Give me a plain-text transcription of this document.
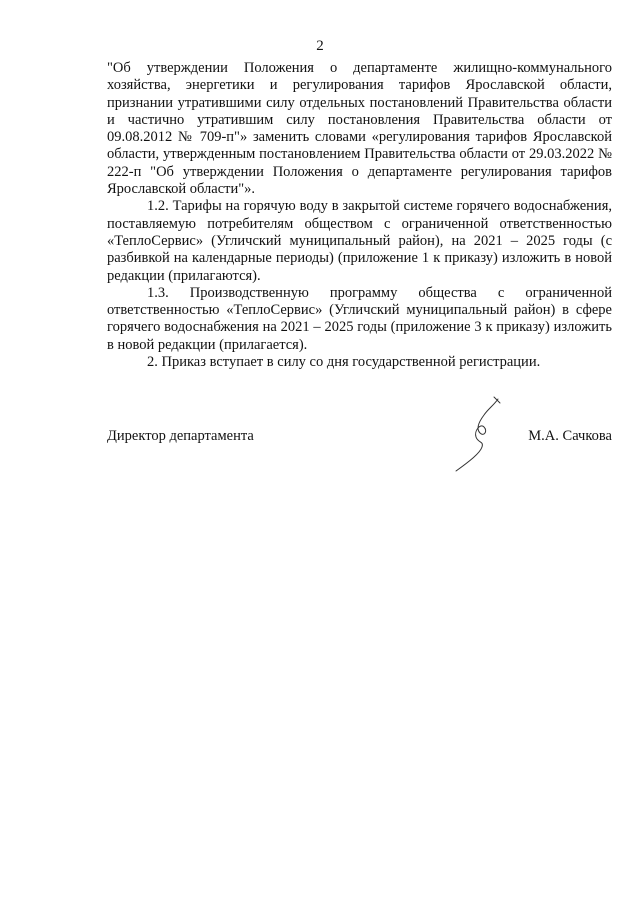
2

"Об утверждении Положения о департаменте жилищно-коммунального хозяйства, энергетики и регулирования тарифов Ярославской области, признании утратившими силу отдельных постановлений Правительства области и частично утратившим силу постановления Правительства области от 09.08.2012 № 709-п"» заменить словами «регулирования тарифов Ярославской области, утвержденным постановлением Правительства области от 29.03.2022 № 222-п "Об утверждении Положения о департаменте регулирования тарифов Ярославской области"».

1.2. Тарифы на горячую воду в закрытой системе горячего водоснабжения, поставляемую потребителям обществом с ограниченной ответственностью «ТеплоСервис» (Угличский муниципальный район), на 2021 – 2025 годы (с разбивкой на календарные периоды) (приложение 1 к приказу) изложить в новой редакции (прилагаются).

1.3. Производственную программу общества с ограниченной ответственностью «ТеплоСервис» (Угличский муниципальный район) в сфере горячего водоснабжения на 2021 – 2025 годы (приложение 3 к приказу) изложить в новой редакции (прилагается).

2. Приказ вступает в силу со дня государственной регистрации.

Директор департамента	М.А. Сачкова
